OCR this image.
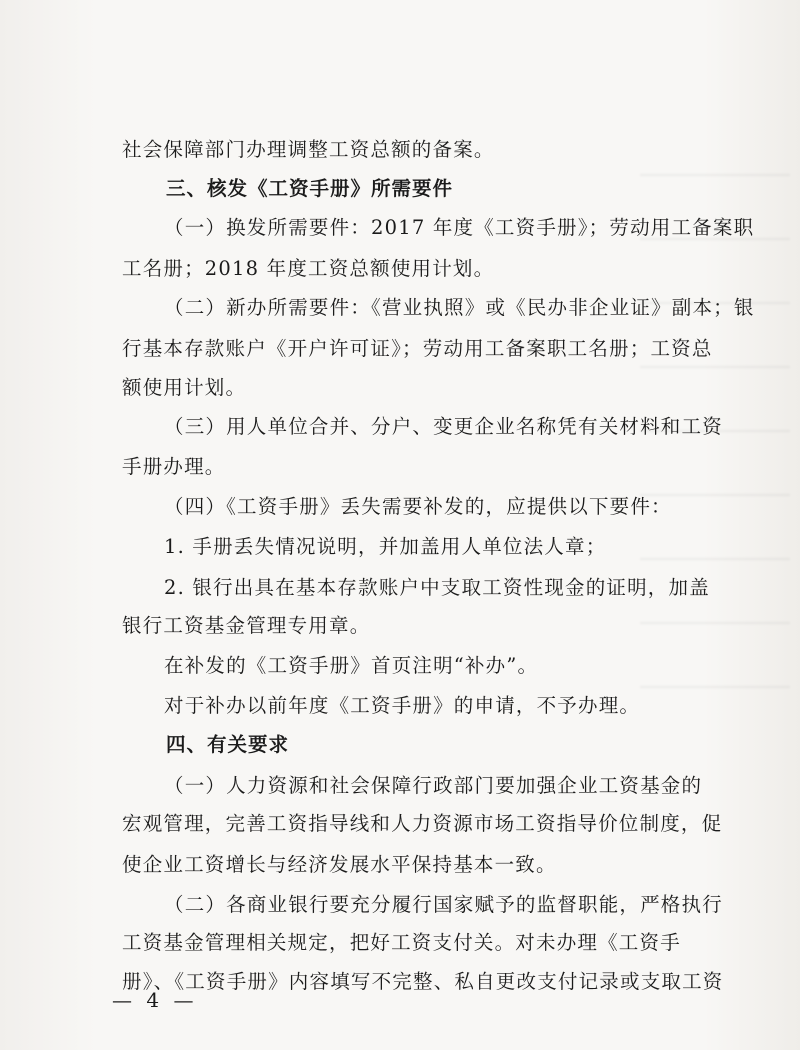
社会保障部门办理调整工资总额的备案。
三、核发《工资手册》所需要件
（一）换发所需要件：2017 年度《工资手册》；劳动用工备案职
工名册；2018 年度工资总额使用计划。
（二）新办所需要件：《营业执照》或《民办非企业证》副本；银
行基本存款账户《开户许可证》；劳动用工备案职工名册；工资总
额使用计划。
（三）用人单位合并、分户、变更企业名称凭有关材料和工资
手册办理。
（四）《工资手册》丢失需要补发的，应提供以下要件：
1. 手册丢失情况说明，并加盖用人单位法人章；
2. 银行出具在基本存款账户中支取工资性现金的证明，加盖
银行工资基金管理专用章。
在补发的《工资手册》首页注明“补办”。
对于补办以前年度《工资手册》的申请，不予办理。
四、有关要求
（一）人力资源和社会保障行政部门要加强企业工资基金的
宏观管理，完善工资指导线和人力资源市场工资指导价位制度，促
使企业工资增长与经济发展水平保持基本一致。
（二）各商业银行要充分履行国家赋予的监督职能，严格执行
工资基金管理相关规定，把好工资支付关。对未办理《工资手
册》、《工资手册》内容填写不完整、私自更改支付记录或支取工资
— 4 —
